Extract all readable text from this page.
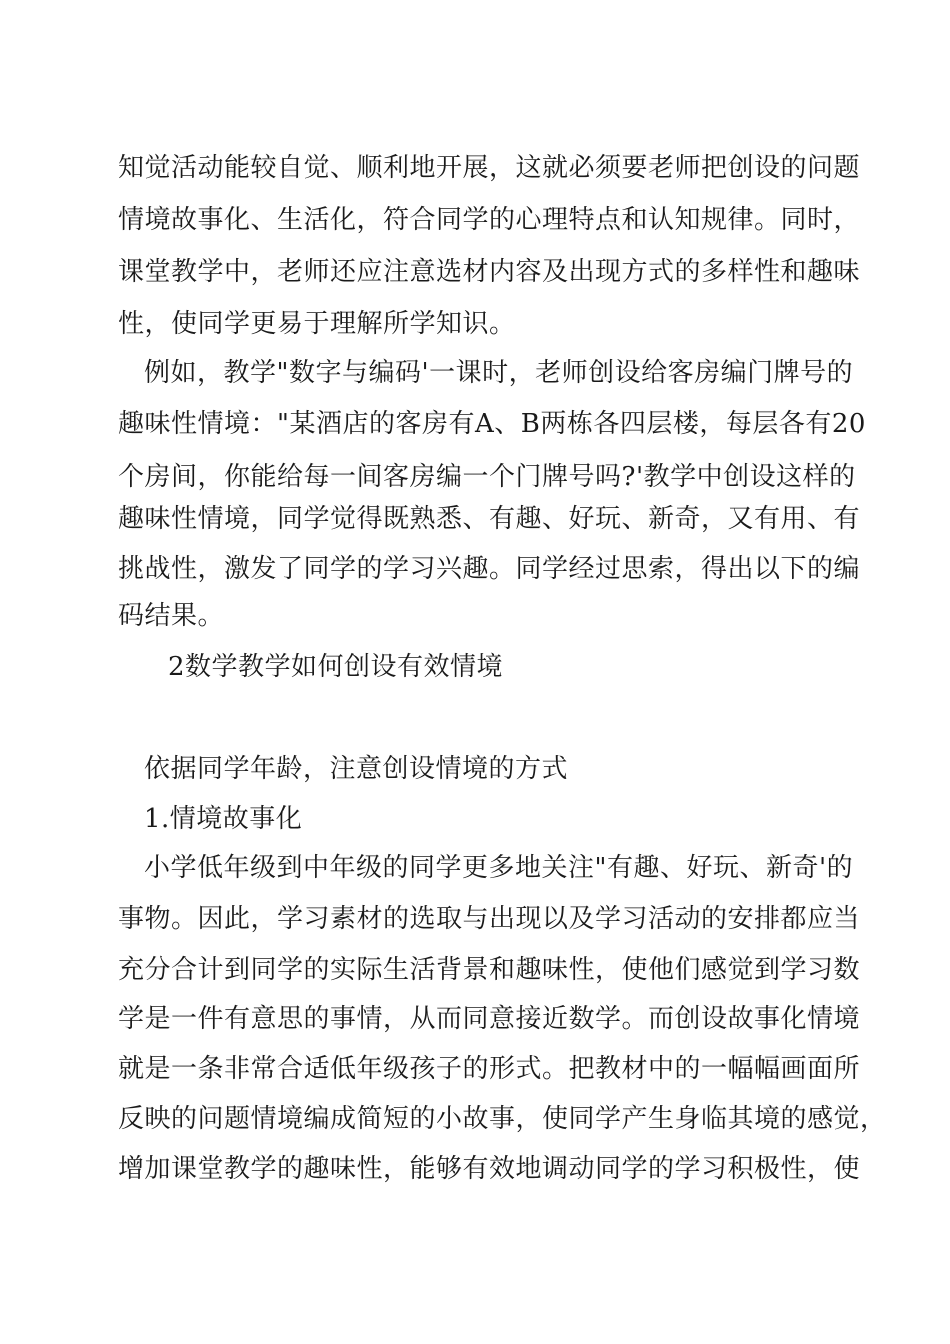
知觉活动能较自觉、顺利地开展，这就必须要老师把创设的问题
情境故事化、生活化，符合同学的心理特点和认知规律。同时，
课堂教学中，老师还应注意选材内容及出现方式的多样性和趣味
性，使同学更易于理解所学知识。
例如，教学"数字与编码'一课时，老师创设给客房编门牌号的
趣味性情境："某酒店的客房有A、B两栋各四层楼，每层各有20
个房间，你能给每一间客房编一个门牌号吗?'教学中创设这样的
趣味性情境，同学觉得既熟悉、有趣、好玩、新奇，又有用、有
挑战性，激发了同学的学习兴趣。同学经过思索，得出以下的编
码结果。
2数学教学如何创设有效情境
依据同学年龄，注意创设情境的方式
1.情境故事化
小学低年级到中年级的同学更多地关注"有趣、好玩、新奇'的
事物。因此，学习素材的选取与出现以及学习活动的安排都应当
充分合计到同学的实际生活背景和趣味性，使他们感觉到学习数
学是一件有意思的事情，从而同意接近数学。而创设故事化情境
就是一条非常合适低年级孩子的形式。把教材中的一幅幅画面所
反映的问题情境编成简短的小故事，使同学产生身临其境的感觉，
增加课堂教学的趣味性，能够有效地调动同学的学习积极性，使
